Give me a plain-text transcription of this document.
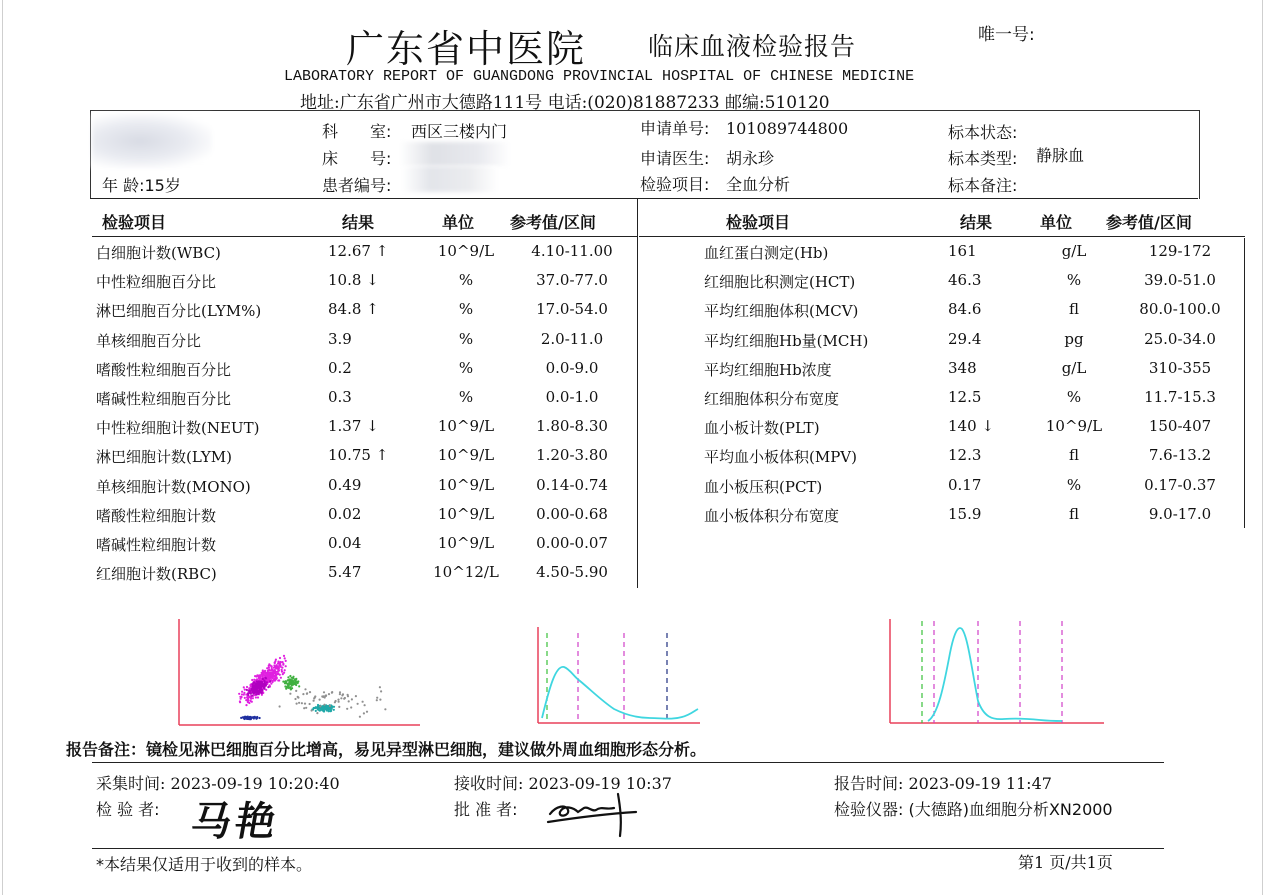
广东省中医院 临床血液检验报告	唯一号:
LABORATORY REPORT OF GUANGDONG PROVINCIAL HOSPITAL OF CHINESE MEDICINE
地址:广东省广州市大德路111号 电话:(020)81887233 邮编:510120
年 龄:15岁
科　　室: 西区三楼内门
床　　号:
患者编号:
申请单号: 101089744800
申请医生: 胡永珍
检验项目: 全血分析
标本状态:
标本类型: 静脉血
标本备注:
检验项目	结果	单位 参考值/区间	检验项目	结果	单位 参考值/区间
白细胞计数(WBC)	12.67 ↑	10^9/L 4.10-11.00
中性粒细胞百分比	10.8 ↓	%	37.0-77.0
淋巴细胞百分比(LYM%)	84.8 ↑	%	17.0-54.0
单核细胞百分比	3.9	%	2.0-11.0
嗜酸性粒细胞百分比	0.2	%	0.0-9.0
嗜碱性粒细胞百分比	0.3	%	0.0-1.0
中性粒细胞计数(NEUT)	1.37 ↓	10^9/L	1.80-8.30
淋巴细胞计数(LYM)	10.75 ↑	10^9/L	1.20-3.80
单核细胞计数(MONO)	0.49	10^9/L	0.14-0.74
嗜酸性粒细胞计数	0.02	10^9/L	0.00-0.68
嗜碱性粒细胞计数	0.04	10^9/L	0.00-0.07
红细胞计数(RBC)	5.47	10^12/L 4.50-5.90
血红蛋白测定(Hb)	161	g/L	129-172
红细胞比积测定(HCT)	46.3	%	39.0-51.0
平均红细胞体积(MCV)	84.6	fl	80.0-100.0
平均红细胞Hb量(MCH)	29.4	pg	25.0-34.0
平均红细胞Hb浓度	348	g/L	310-355
红细胞体积分布宽度	12.5	%	11.7-15.3
血小板计数(PLT)	140 ↓	10^9/L	150-407
平均血小板体积(MPV)	12.3	fl	7.6-13.2
血小板压积(PCT)	0.17	%	0.17-0.37
血小板体积分布宽度	15.9	fl	9.0-17.0
报告备注：镜检见淋巴细胞百分比增高，易见异型淋巴细胞，建议做外周血细胞形态分析。
采集时间: 2023-09-19 10:20:40	接收时间: 2023-09-19 10:37	报告时间: 2023-09-19 11:47
检 验 者: 马艳	批 准 者:	检验仪器: (大德路)血细胞分析XN2000
*本结果仅适用于收到的样本。	第1 页/共1页
